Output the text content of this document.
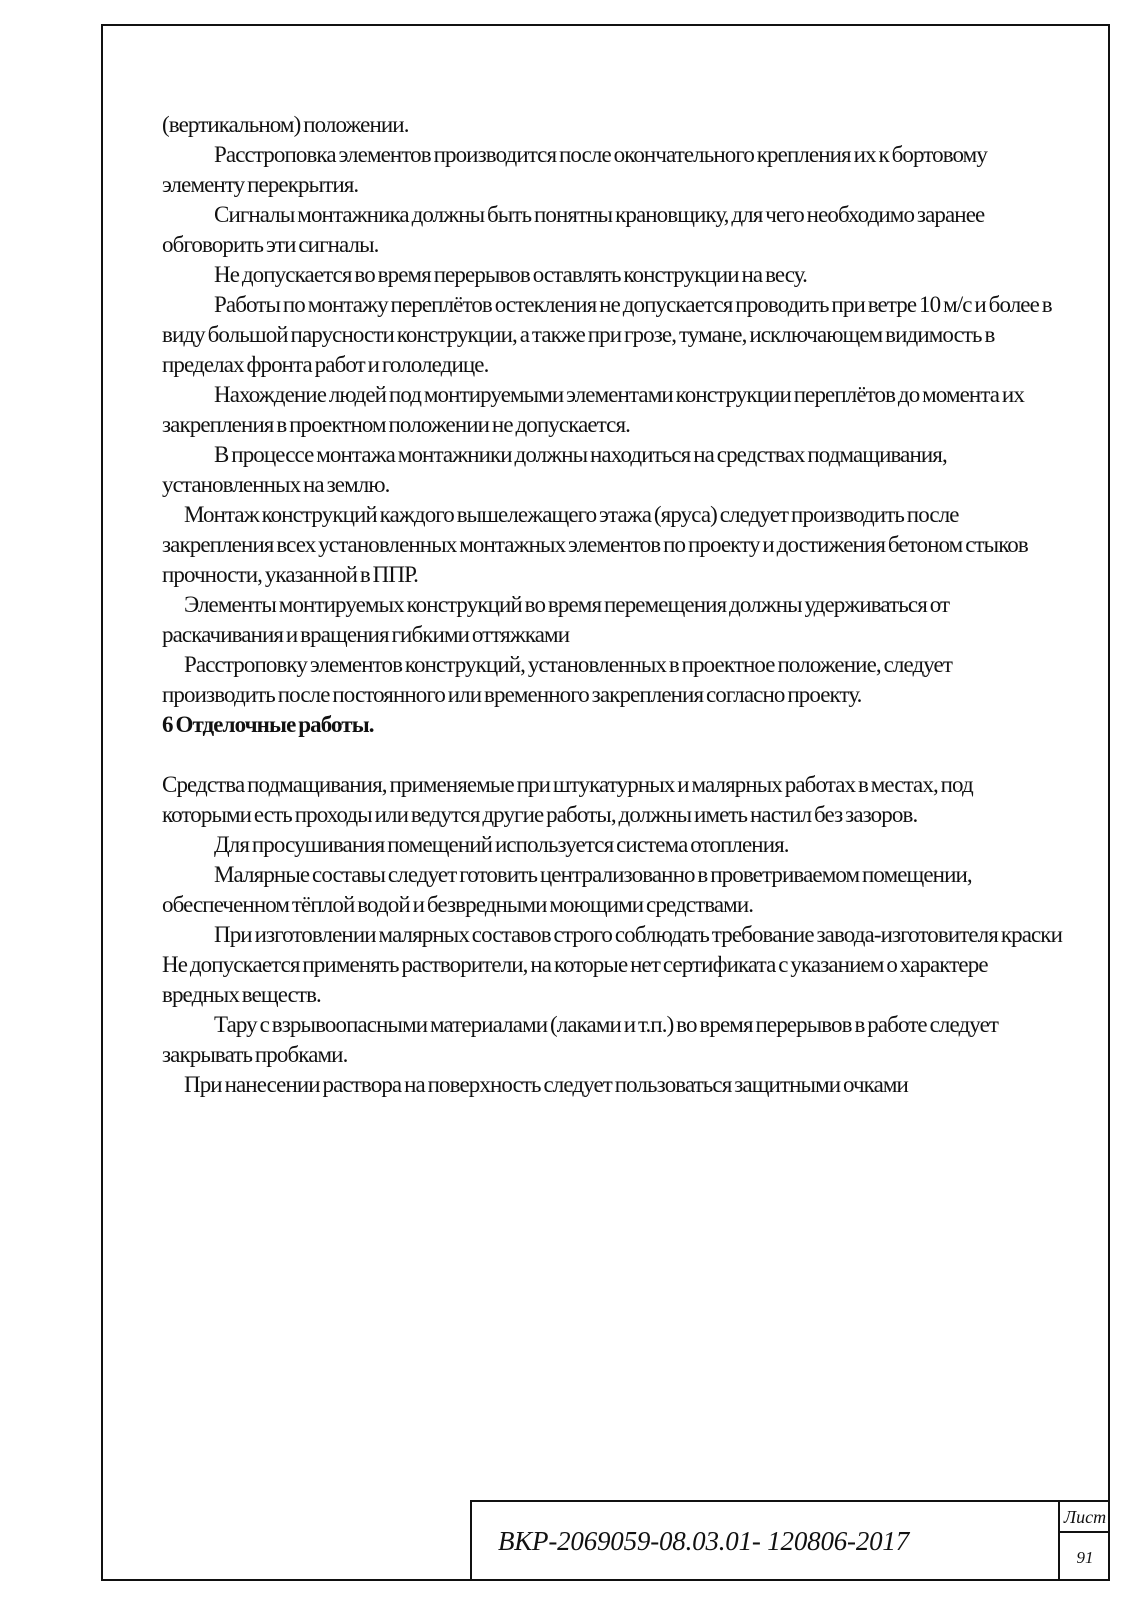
(вертикальном) положении.

Расстроповка элементов производится после окончательного крепления их к бортовому элементу перекрытия.

Сигналы монтажника должны быть понятны крановщику, для чего необходимо заранее обговорить эти сигналы.

Не допускается во время перерывов оставлять конструкции на весу.

Работы по монтажу переплётов остекления не допускается проводить при ветре 10 м/с и более в виду большой парусности конструкции, а также при грозе, тумане, исключающем видимость в пределах фронта работ и гололедице.

Нахождение людей под монтируемыми элементами конструкции переплётов до момента их закрепления в проектном положении не допускается.

В процессе монтажа монтажники должны находиться на средствах подмащивания, установленных на землю.

Монтаж конструкций каждого вышележащего этажа (яруса) следует производить после закрепления всех установленных монтажных элементов по проекту и достижения бетоном стыков прочности, указанной в ППР.

Элементы монтируемых конструкций во время перемещения должны удерживаться от раскачивания и вращения гибкими оттяжками

Расстроповку элементов конструкций, установленных в проектное положение, следует производить после постоянного или временного закрепления согласно проекту.

6 Отделочные работы.

Средства подмащивания, применяемые при штукатурных и малярных работах в местах, под которыми есть проходы или ведутся другие работы, должны иметь настил без зазоров.

Для просушивания помещений используется система отопления.

Малярные составы следует готовить централизованно в проветриваемом помещении, обеспеченном тёплой водой и безвредными моющими средствами.

При изготовлении малярных составов строго соблюдать требование завода-изготовителя краски Не допускается применять растворители, на которые нет сертификата с указанием о характере вредных веществ.

Тару с взрывоопасными материалами (лаками и т.п.) во время перерывов в работе следует закрывать пробками.

При нанесении раствора на поверхность следует пользоваться защитными очками

ВКР-2069059-08.03.01- 120806-2017
Лист
91
